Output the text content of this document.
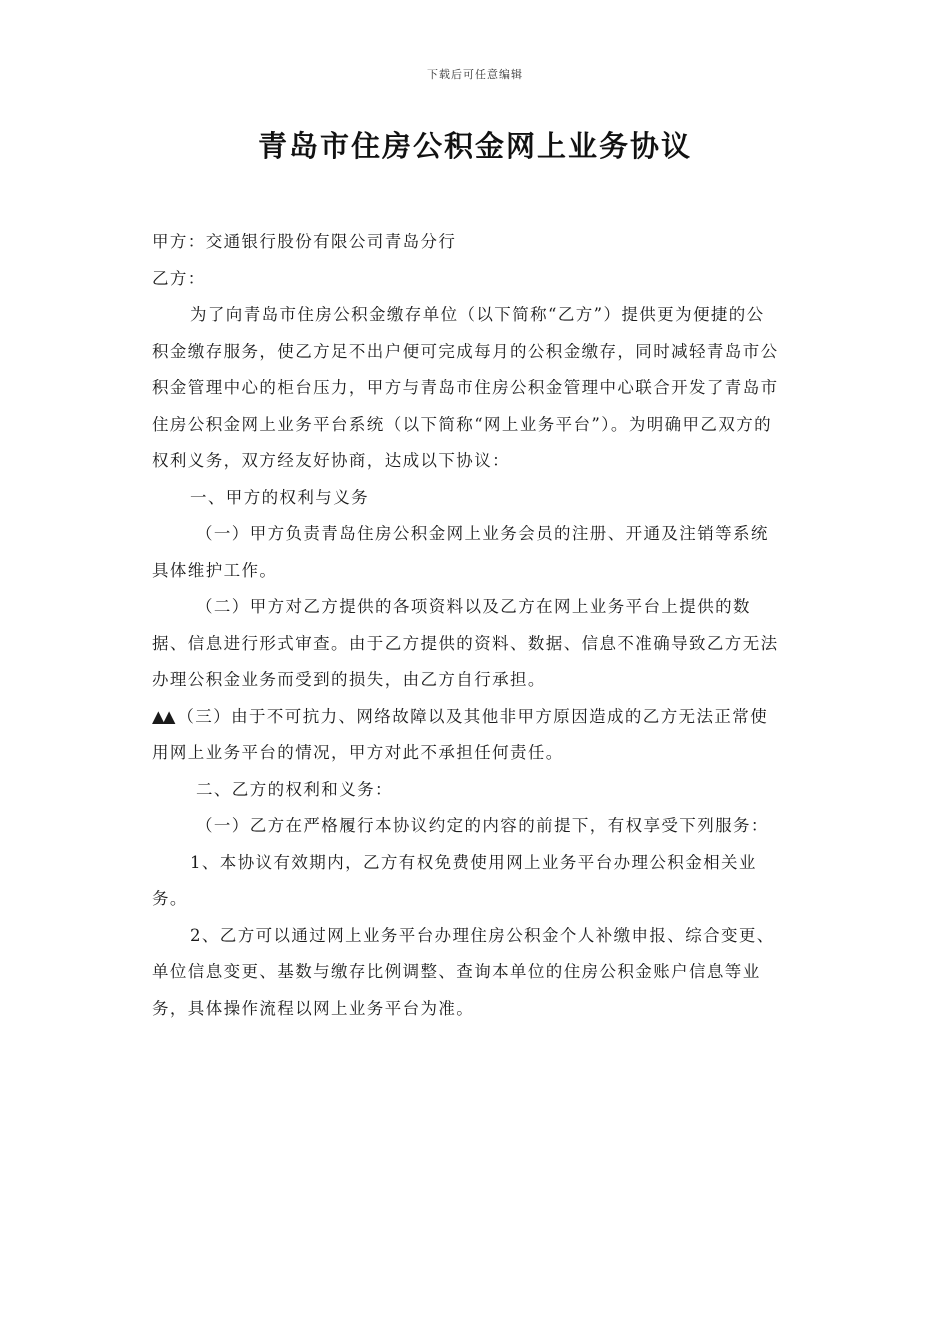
下载后可任意编辑
青岛市住房公积金网上业务协议

甲方：交通银行股份有限公司青岛分行

乙方：

为了向青岛市住房公积金缴存单位（以下简称“乙方”）提供更为便捷的公积金缴存服务，使乙方足不出户便可完成每月的公积金缴存，同时减轻青岛市公积金管理中心的柜台压力，甲方与青岛市住房公积金管理中心联合开发了青岛市住房公积金网上业务平台系统（以下简称“网上业务平台”）。为明确甲乙双方的权利义务，双方经友好协商，达成以下协议：

一、甲方的权利与义务

（一）甲方负责青岛住房公积金网上业务会员的注册、开通及注销等系统具体维护工作。

（二）甲方对乙方提供的各项资料以及乙方在网上业务平台上提供的数据、信息进行形式审查。由于乙方提供的资料、数据、信息不准确导致乙方无法办理公积金业务而受到的损失，由乙方自行承担。

▲▲ （三）由于不可抗力、网络故障以及其他非甲方原因造成的乙方无法正常使用网上业务平台的情况，甲方对此不承担任何责任。

二、乙方的权利和义务：

（一）乙方在严格履行本协议约定的内容的前提下，有权享受下列服务：

1、本协议有效期内，乙方有权免费使用网上业务平台办理公积金相关业务。

2、乙方可以通过网上业务平台办理住房公积金个人补缴申报、综合变更、单位信息变更、基数与缴存比例调整、查询本单位的住房公积金账户信息等业务，具体操作流程以网上业务平台为准。
